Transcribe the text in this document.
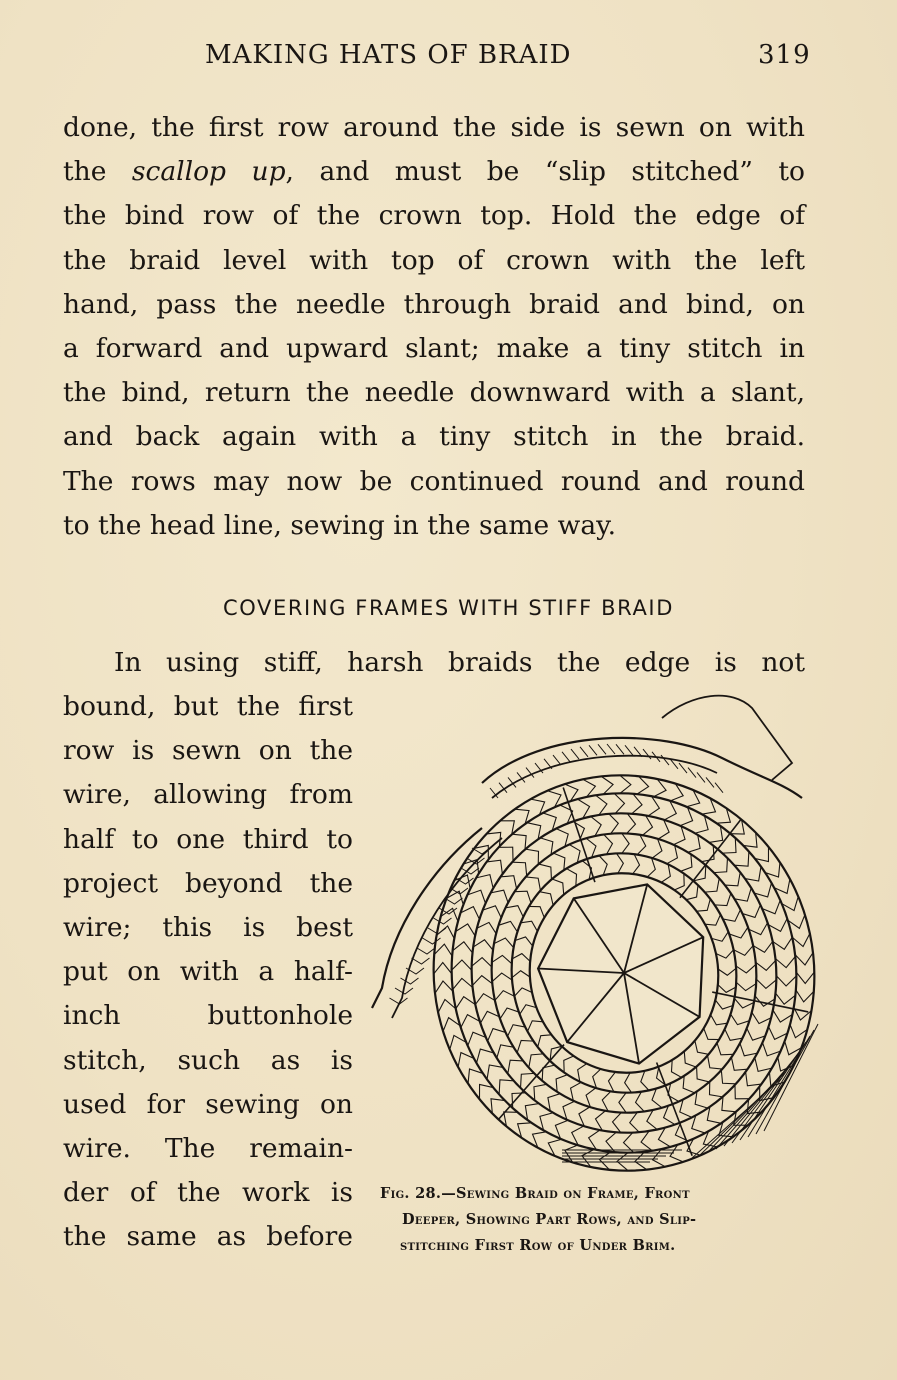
MAKING HATS OF BRAID	319
done, the first row around the side is sewn on with
the scallop up, and must be “slip stitched” to
the bind row of the crown top. Hold the edge of
the braid level with top of crown with the left
hand, pass the needle through braid and bind, on
a forward and upward slant; make a tiny stitch in
the bind, return the needle downward with a slant,
and back again with a tiny stitch in the braid.
The rows may now be continued round and round
to the head line, sewing in the same way.
COVERING FRAMES WITH STIFF BRAID
In using stiff, harsh braids the edge is not
bound, but the first
row is sewn on the
wire, allowing from
half to one third to
project beyond the
wire; this is best
put on with a half-
inch buttonhole
stitch, such as is
used for sewing on
wire. The remain-
der of the work is
the same as before
Fig. 28.—Sewing Braid on Frame, Front
Deeper, Showing Part Rows, and Slip-
stitching First Row of Under Brim.
